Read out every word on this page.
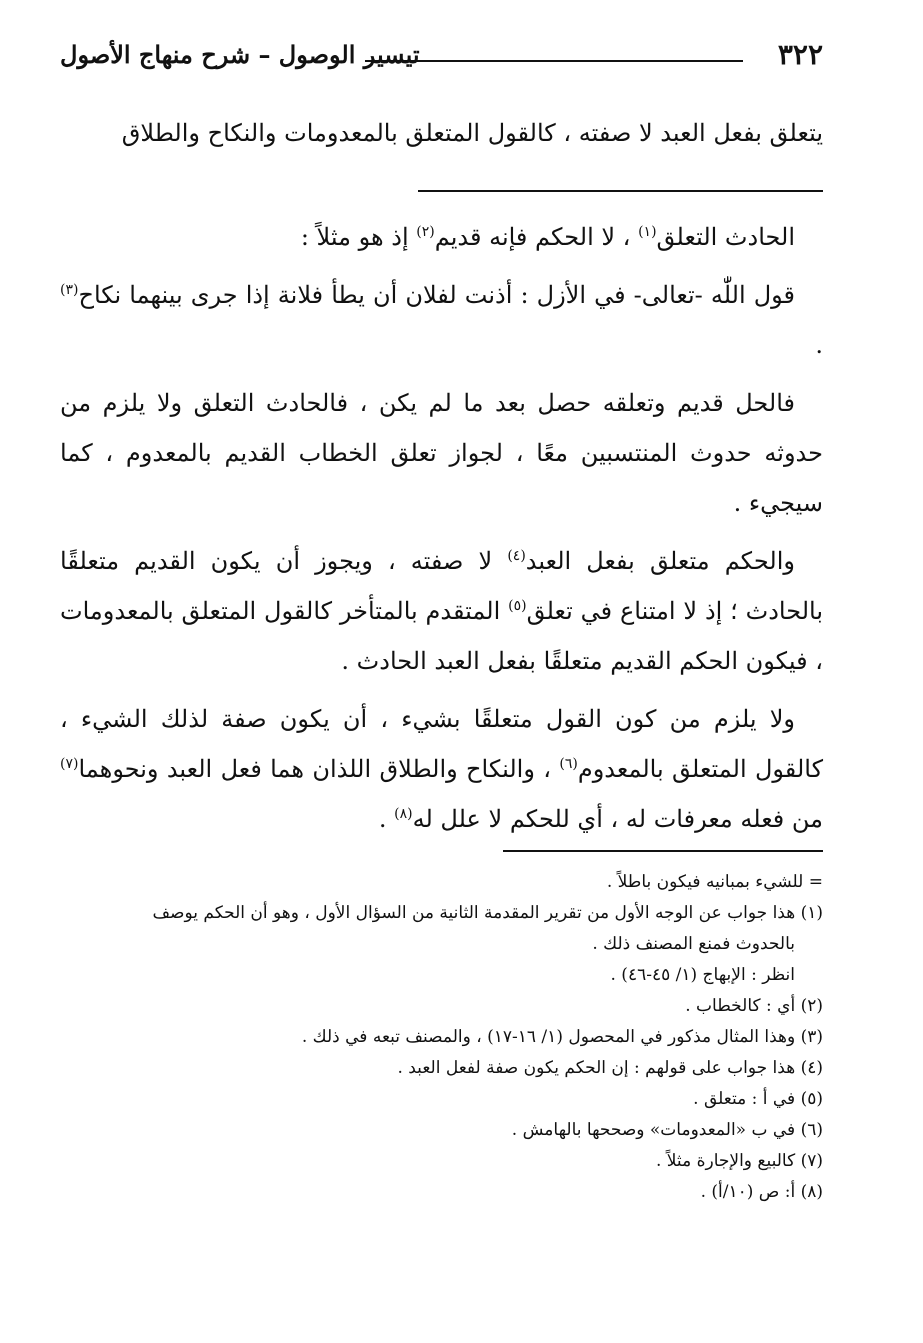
٣٢٢
تيسير الوصول – شرح منهاج الأصول

يتعلق بفعل العبد لا صفته ، كالقول المتعلق بالمعدومات والنكاح والطلاق

الحادث التعلق$^{(١)}$ ، لا الحكم فإنه قديم$^{(٢)}$ إذ هو مثلاً :

قول اللّٰه -تعالى- في الأزل : أذنت لفلان أن يطأ فلانة إذا جرى بينهما نكاح$^{(٣)}$ .

فالحل قديم وتعلقه حصل بعد ما لم يكن ، فالحادث التعلق ولا يلزم من حدوثه حدوث المنتسبين معًا ، لجواز تعلق الخطاب القديم بالمعدوم ، كما سيجيء .

والحكم متعلق بفعل العبد$^{(٤)}$ لا صفته ، ويجوز أن يكون القديم متعلقًا بالحادث ؛ إذ لا امتناع في تعلق$^{(٥)}$ المتقدم بالمتأخر كالقول المتعلق بالمعدومات ، فيكون الحكم القديم متعلقًا بفعل العبد الحادث .

ولا يلزم من كون القول متعلقًا بشيء ، أن يكون صفة لذلك الشيء ، كالقول المتعلق بالمعدوم$^{(٦)}$ ، والنكاح والطلاق اللذان هما فعل العبد ونحوهما$^{(٧)}$ من فعله معرفات له ، أي للحكم لا علل له$^{(٨)}$ .

= للشيء بمبانيه فيكون باطلاً .

(١) هذا جواب عن الوجه الأول من تقرير المقدمة الثانية من السؤال الأول ، وهو أن الحكم يوصف

بالحدوث فمنع المصنف ذلك .

انظر : الإبهاج (١/ ٤٥-٤٦) .

(٢) أي : كالخطاب .

(٣) وهذا المثال مذكور في المحصول (١/ ١٦-١٧) ، والمصنف تبعه في ذلك .

(٤) هذا جواب على قولهم : إن الحكم يكون صفة لفعل العبد .

(٥) في أ : متعلق .

(٦) في ب «المعدومات» وصححها بالهامش .

(٧) كالبيع والإجارة مثلاً .

(٨) أ: ص (١٠/أ) .
